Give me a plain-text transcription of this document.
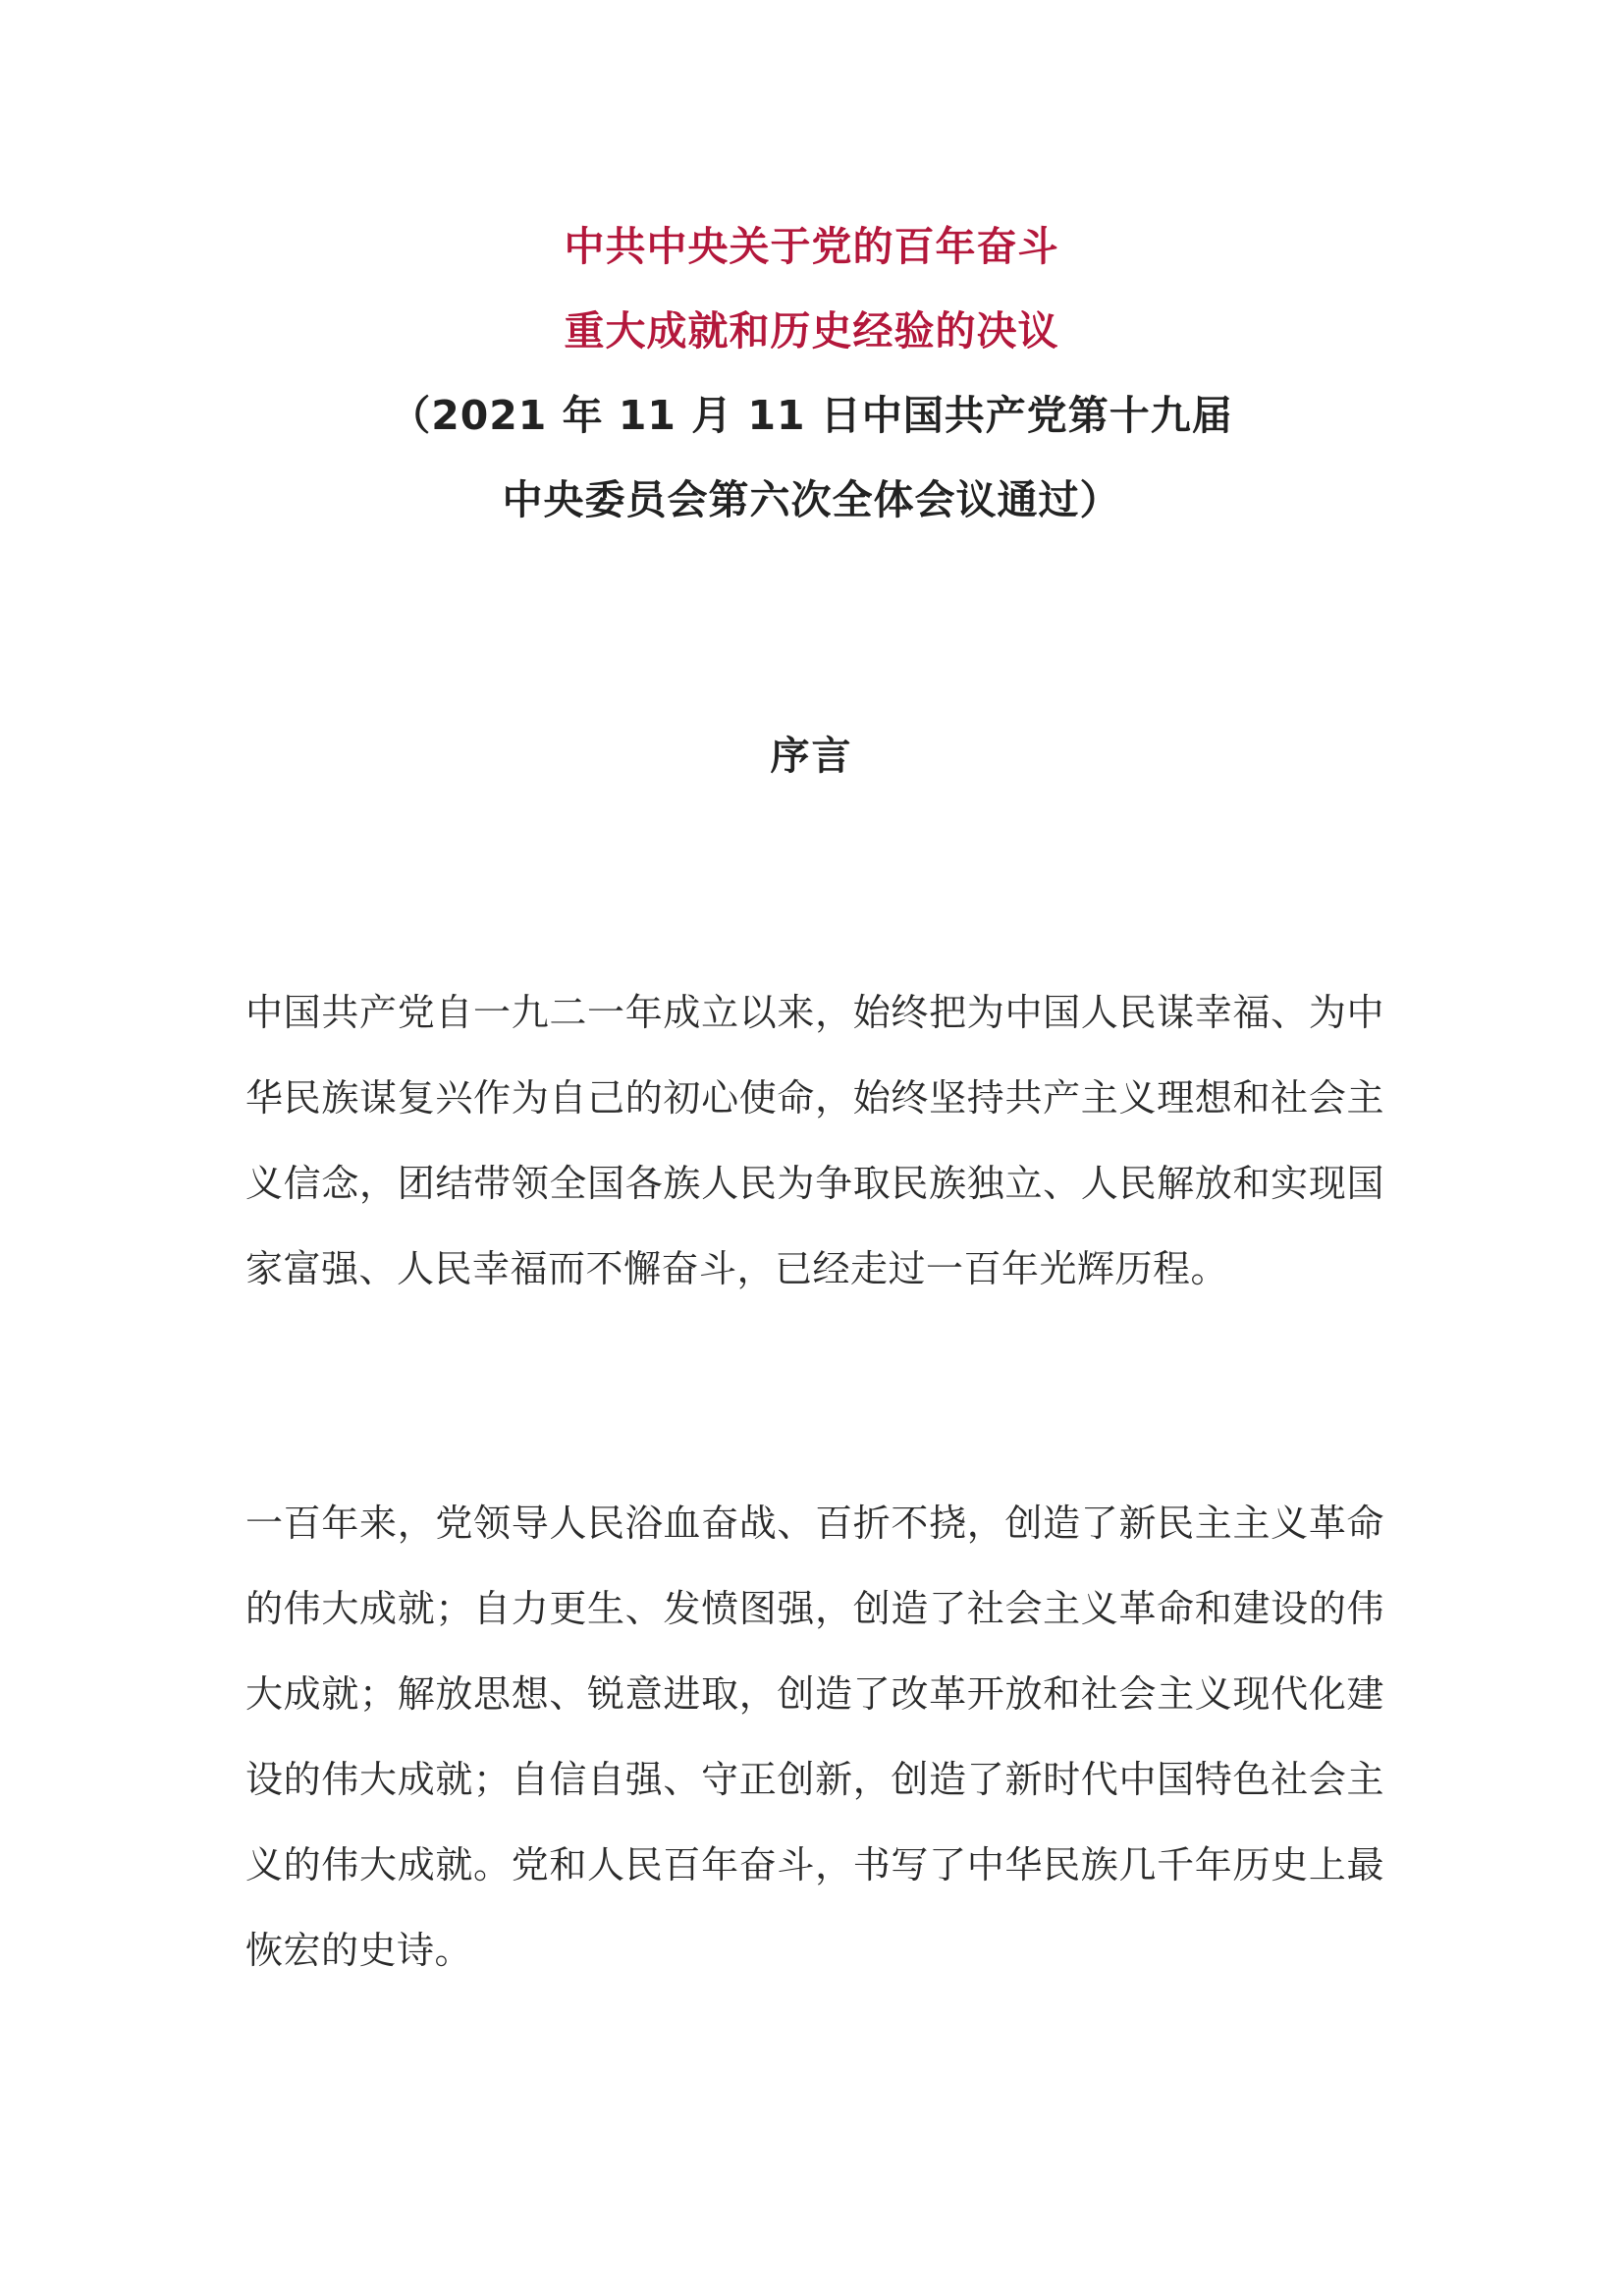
中共中央关于党的百年奋斗
重大成就和历史经验的决议
（2021 年 11 月 11 日中国共产党第十九届
中央委员会第六次全体会议通过）
序言

中国共产党自一九二一年成立以来，始终把为中国人民谋幸福、为中华民族谋复兴作为自己的初心使命，始终坚持共产主义理想和社会主义信念，团结带领全国各族人民为争取民族独立、人民解放和实现国家富强、人民幸福而不懈奋斗，已经走过一百年光辉历程。

一百年来，党领导人民浴血奋战、百折不挠，创造了新民主主义革命的伟大成就；自力更生、发愤图强，创造了社会主义革命和建设的伟大成就；解放思想、锐意进取，创造了改革开放和社会主义现代化建设的伟大成就；自信自强、守正创新，创造了新时代中国特色社会主义的伟大成就。党和人民百年奋斗，书写了中华民族几千年历史上最恢宏的史诗。
